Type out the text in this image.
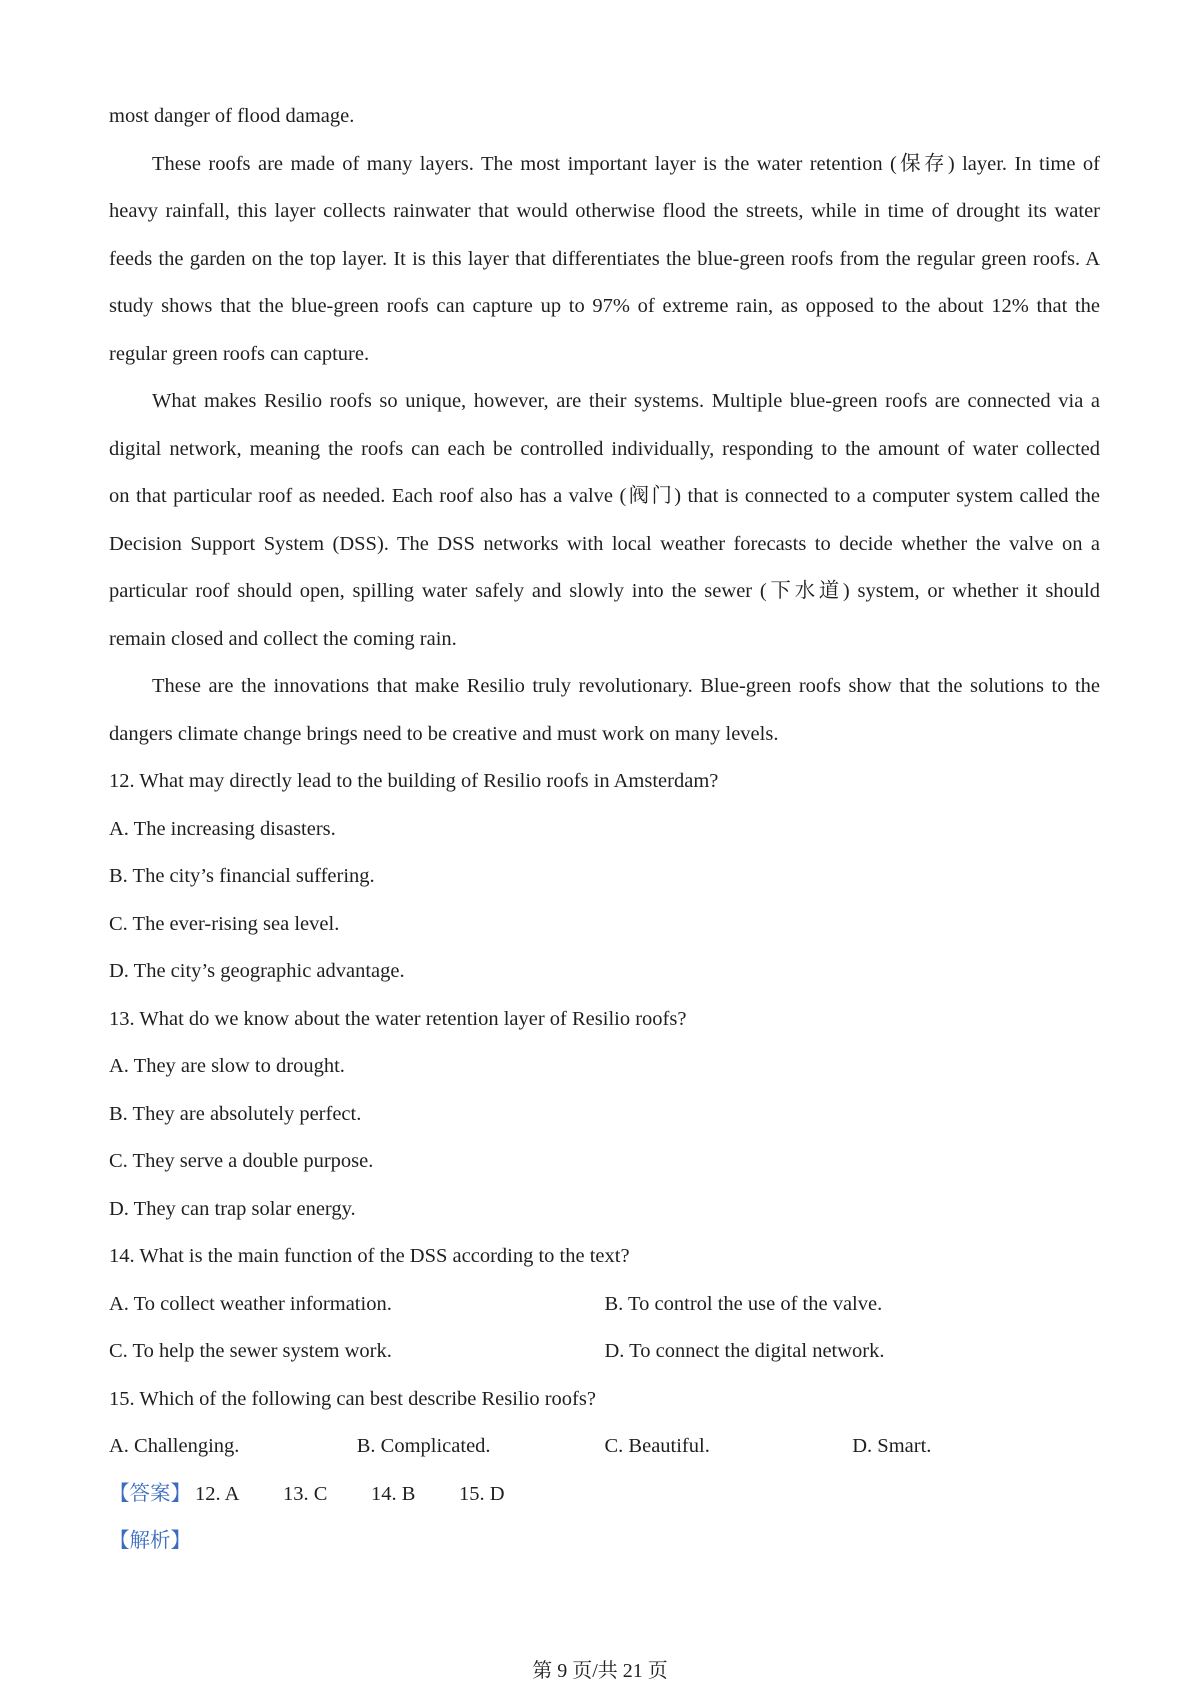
most danger of flood damage.
These roofs are made of many layers. The most important layer is the water retention (保存) layer. In time of
heavy rainfall, this layer collects rainwater that would otherwise flood the streets, while in time of drought its water
feeds the garden on the top layer. It is this layer that differentiates the blue-green roofs from the regular green roofs. A
study shows that the blue-green roofs can capture up to 97% of extreme rain, as opposed to the about 12% that the
regular green roofs can capture.
What makes Resilio roofs so unique, however, are their systems. Multiple blue-green roofs are connected via a
digital network, meaning the roofs can each be controlled individually, responding to the amount of water collected
on that particular roof as needed. Each roof also has a valve (阀门) that is connected to a computer system called the
Decision Support System (DSS). The DSS networks with local weather forecasts to decide whether the valve on a
particular roof should open, spilling water safely and slowly into the sewer (下水道) system, or whether it should
remain closed and collect the coming rain.
These are the innovations that make Resilio truly revolutionary. Blue-green roofs show that the solutions to the
dangers climate change brings need to be creative and must work on many levels.
12. What may directly lead to the building of Resilio roofs in Amsterdam?
A. The increasing disasters.
B. The city’s financial suffering.
C. The ever-rising sea level.
D. The city’s geographic advantage.
13. What do we know about the water retention layer of Resilio roofs?
A. They are slow to drought.
B. They are absolutely perfect.
C. They serve a double purpose.
D. They can trap solar energy.
14. What is the main function of the DSS according to the text?
A. To collect weather information.	B. To control the use of the valve.
C. To help the sewer system work.	D. To connect the digital network.
15. Which of the following can best describe Resilio roofs?
A. Challenging.	B. Complicated.	C. Beautiful.	D. Smart.
【答案】 12. A 13. C 14. B 15. D
【解析】
第 9 页/共 21 页
